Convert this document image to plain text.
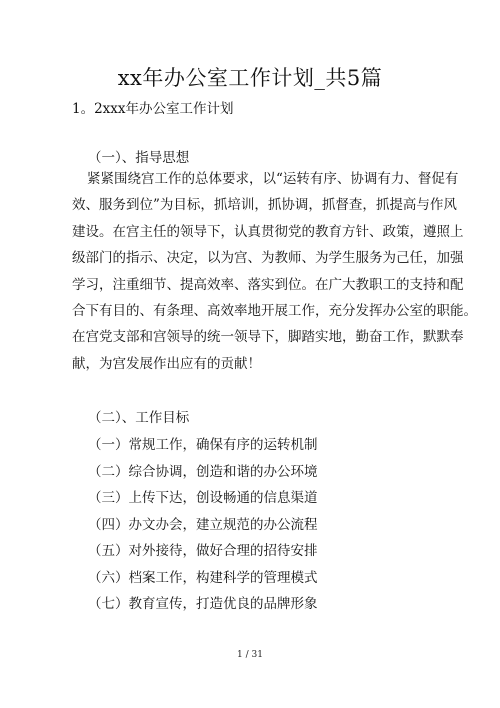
xx年办公室工作计划_共5篇
1。2xxx年办公室工作计划
（一）、指导思想
紧紧围绕宫工作的总体要求，以“运转有序、协调有力、督促有
效、服务到位”为目标，抓培训，抓协调，抓督查，抓提高与作风
建设。在宫主任的领导下，认真贯彻党的教育方针、政策，遵照上
级部门的指示、决定，以为宫、为教师、为学生服务为己任，加强
学习，注重细节、提高效率、落实到位。在广大教职工的支持和配
合下有目的、有条理、高效率地开展工作，充分发挥办公室的职能。
在宫党支部和宫领导的统一领导下，脚踏实地，勤奋工作，默默奉
献，为宫发展作出应有的贡献！
（二）、工作目标
（一）常规工作，确保有序的运转机制
（二）综合协调，创造和谐的办公环境
（三）上传下达，创设畅通的信息渠道
（四）办文办会，建立规范的办公流程
（五）对外接待，做好合理的招待安排
（六）档案工作，构建科学的管理模式
（七）教育宣传，打造优良的品牌形象
1 / 31
